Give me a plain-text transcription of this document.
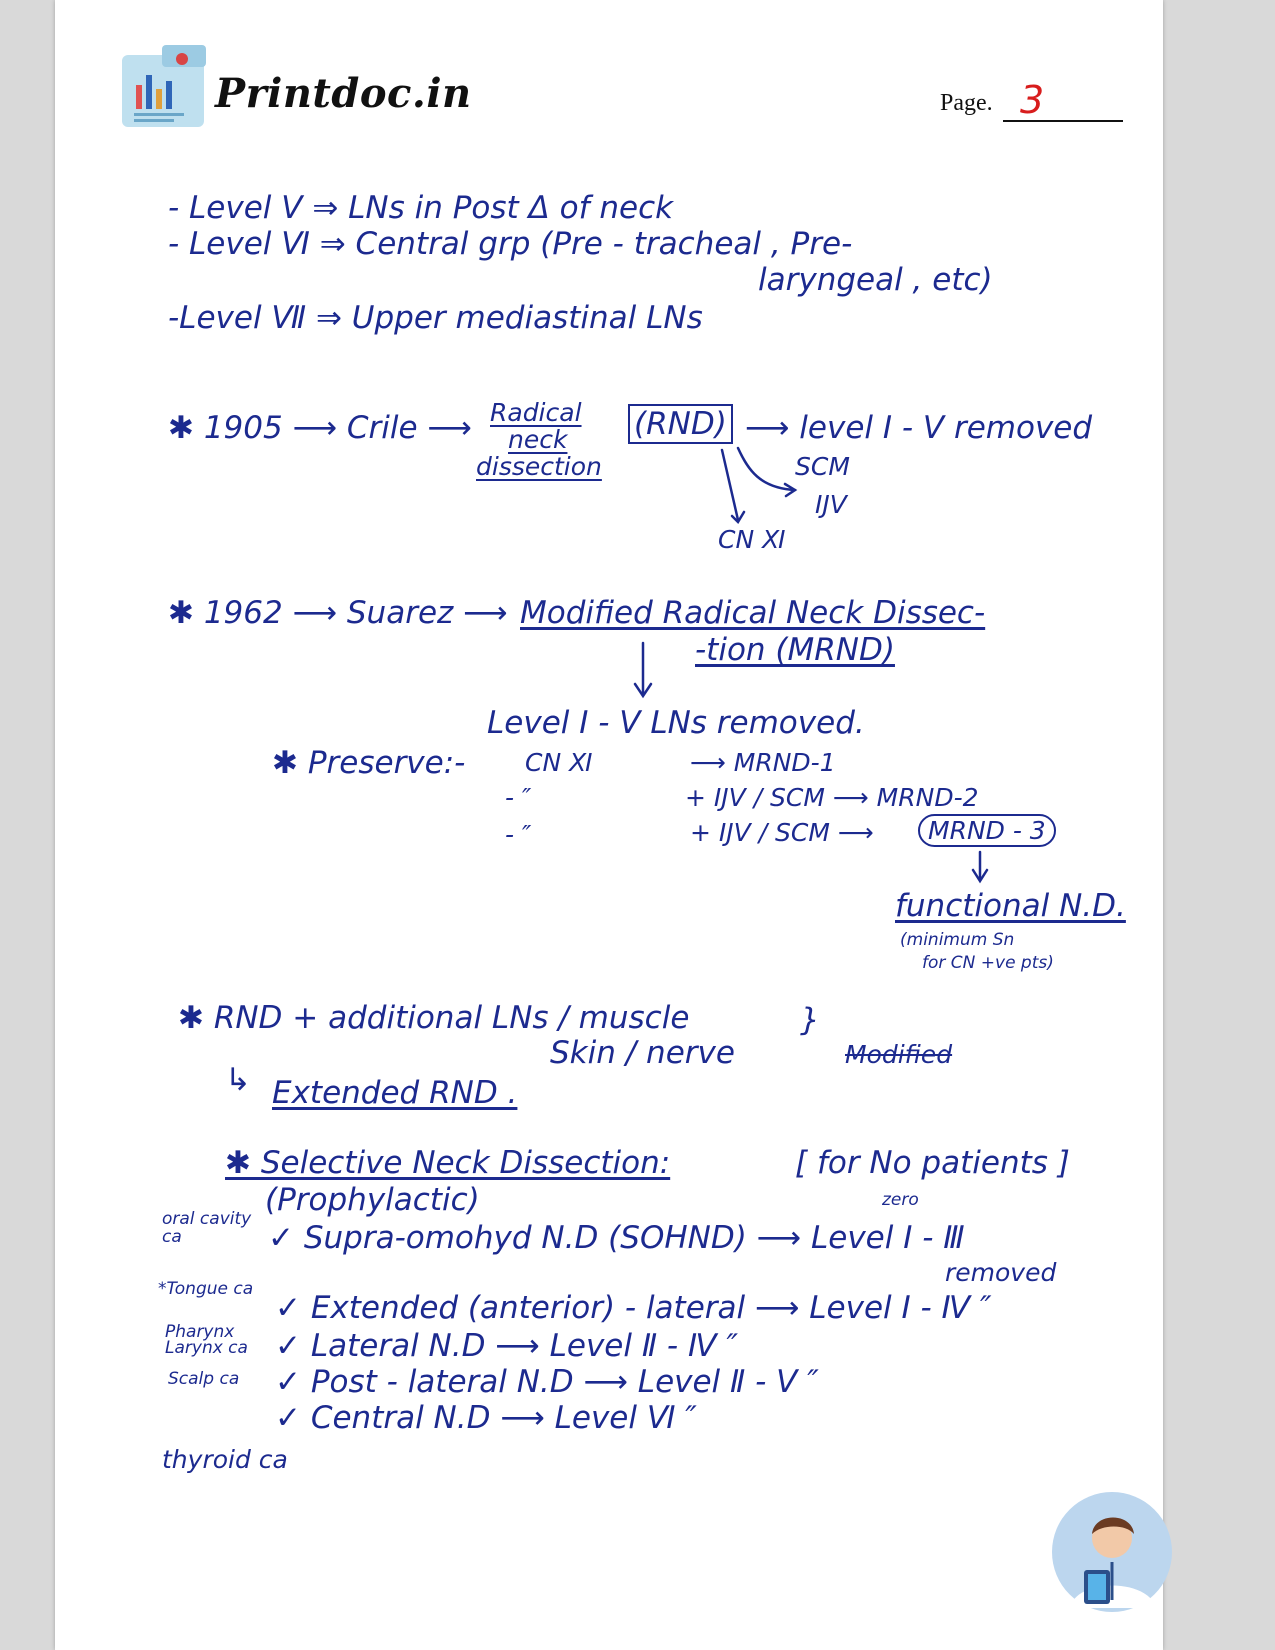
Printdoc.in	Page. 3
- Level Ⅴ ⇒ LNs in Post Δ of neck
- Level Ⅵ ⇒ Central grp (Pre - tracheal , Pre-
laryngeal , etc)
-Level Ⅶ ⇒ Upper mediastinal LNs
✱ 1905 ⟶ Crile ⟶ Radical
neck
dissection
(RND) ⟶ level Ⅰ - Ⅴ removed
SCM
IJV
CN Ⅺ
✱ 1962 ⟶ Suarez ⟶ Modified Radical Neck Dissec-
-tion (MRND)
Level Ⅰ - Ⅴ LNs removed.
✱ Preserve:- CN Ⅺ	⟶ MRND-1
- ″	+ IJV / SCM ⟶ MRND-2
- ″	+ IJV / SCM ⟶	MRND - 3
functional N.D.
(minimum Sn
for CN +ve pts)
✱ RND + additional LNs / muscle
Skin / nerve
}
Modified
↳ Extended RND .
✱ Selective Neck Dissection:	[ for No patients ]
zero
(Prophylactic)
oral cavity ca	✓ Supra-omohyd N.D (SOHND) ⟶ Level Ⅰ - Ⅲ
removed
*Tongue ca
✓ Extended (anterior) - lateral ⟶ Level Ⅰ - Ⅳ ″
Pharynx Larynx ca ✓ Lateral N.D ⟶ Level Ⅱ - Ⅳ ″
Scalp ca ✓ Post - lateral N.D ⟶ Level Ⅱ - Ⅴ ″
thyroid ca
✓ Central N.D ⟶ Level Ⅵ ″
